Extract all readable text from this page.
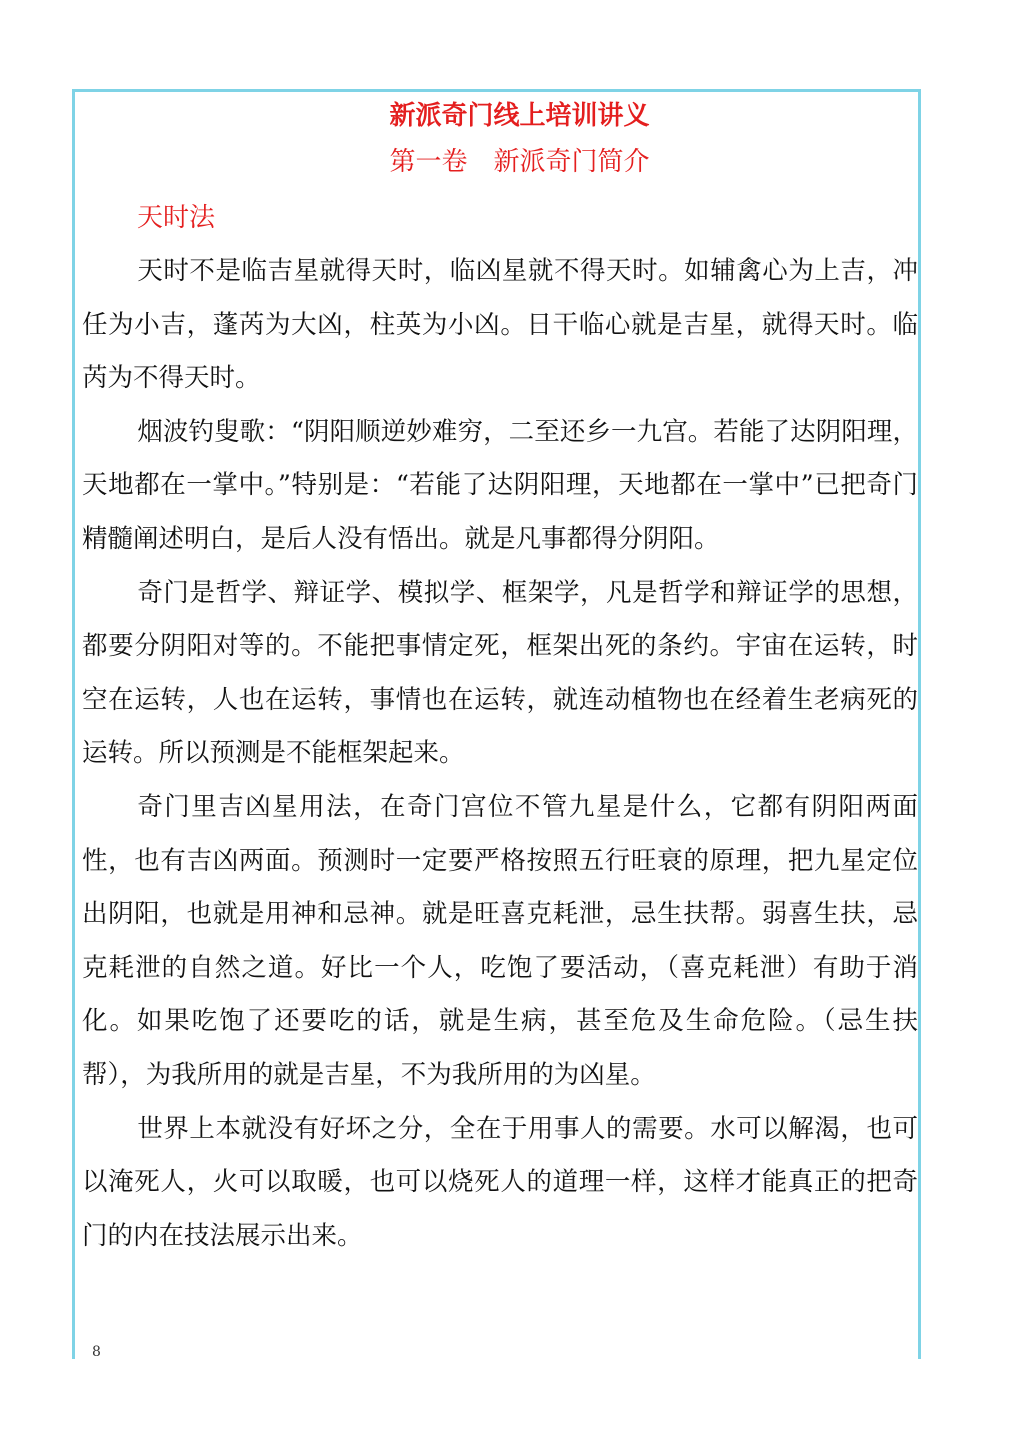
新派奇门线上培训讲义
第一卷　新派奇门简介
天时法

天时不是临吉星就得天时，临凶星就不得天时。如辅禽心为上吉，冲任为小吉，蓬芮为大凶，柱英为小凶。日干临心就是吉星，就得天时。临芮为不得天时。

烟波钓叟歌：“阴阳顺逆妙难穷，二至还乡一九宫。若能了达阴阳理，天地都在一掌中。”特别是：“若能了达阴阳理，天地都在一掌中”已把奇门精髓阐述明白，是后人没有悟出。就是凡事都得分阴阳。

奇门是哲学、辩证学、模拟学、框架学，凡是哲学和辩证学的思想，都要分阴阳对等的。不能把事情定死，框架出死的条约。宇宙在运转，时空在运转，人也在运转，事情也在运转，就连动植物也在经着生老病死的运转。所以预测是不能框架起来。

奇门里吉凶星用法，在奇门宫位不管九星是什么，它都有阴阳两面性，也有吉凶两面。预测时一定要严格按照五行旺衰的原理，把九星定位出阴阳，也就是用神和忌神。就是旺喜克耗泄，忌生扶帮。弱喜生扶，忌克耗泄的自然之道。好比一个人，吃饱了要活动，（喜克耗泄）有助于消化。如果吃饱了还要吃的话，就是生病，甚至危及生命危险。（忌生扶帮），为我所用的就是吉星，不为我所用的为凶星。

世界上本就没有好坏之分，全在于用事人的需要。水可以解渴，也可以淹死人，火可以取暖，也可以烧死人的道理一样，这样才能真正的把奇门的内在技法展示出来。

8
